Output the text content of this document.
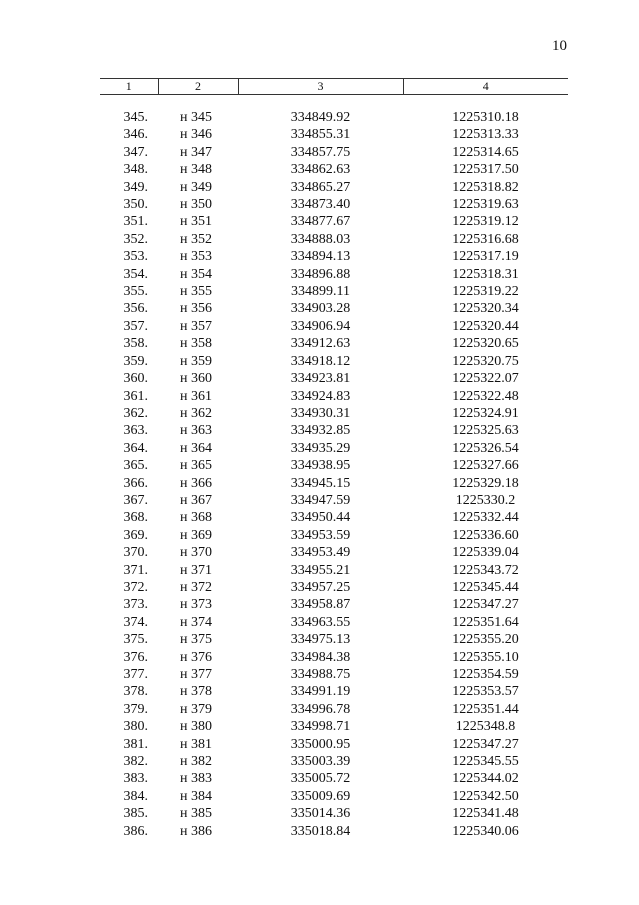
10
1	2	3	4
345.	н 345	334849.92	1225310.18
346.	н 346	334855.31	1225313.33
347.	н 347	334857.75	1225314.65
348.	н 348	334862.63	1225317.50
349.	н 349	334865.27	1225318.82
350.	н 350	334873.40	1225319.63
351.	н 351	334877.67	1225319.12
352.	н 352	334888.03	1225316.68
353.	н 353	334894.13	1225317.19
354.	н 354	334896.88	1225318.31
355.	н 355	334899.11	1225319.22
356.	н 356	334903.28	1225320.34
357.	н 357	334906.94	1225320.44
358.	н 358	334912.63	1225320.65
359.	н 359	334918.12	1225320.75
360.	н 360	334923.81	1225322.07
361.	н 361	334924.83	1225322.48
362.	н 362	334930.31	1225324.91
363.	н 363	334932.85	1225325.63
364.	н 364	334935.29	1225326.54
365.	н 365	334938.95	1225327.66
366.	н 366	334945.15	1225329.18
367.	н 367	334947.59	1225330.2
368.	н 368	334950.44	1225332.44
369.	н 369	334953.59	1225336.60
370.	н 370	334953.49	1225339.04
371.	н 371	334955.21	1225343.72
372.	н 372	334957.25	1225345.44
373.	н 373	334958.87	1225347.27
374.	н 374	334963.55	1225351.64
375.	н 375	334975.13	1225355.20
376.	н 376	334984.38	1225355.10
377.	н 377	334988.75	1225354.59
378.	н 378	334991.19	1225353.57
379.	н 379	334996.78	1225351.44
380.	н 380	334998.71	1225348.8
381.	н 381	335000.95	1225347.27
382.	н 382	335003.39	1225345.55
383.	н 383	335005.72	1225344.02
384.	н 384	335009.69	1225342.50
385.	н 385	335014.36	1225341.48
386.	н 386	335018.84	1225340.06
